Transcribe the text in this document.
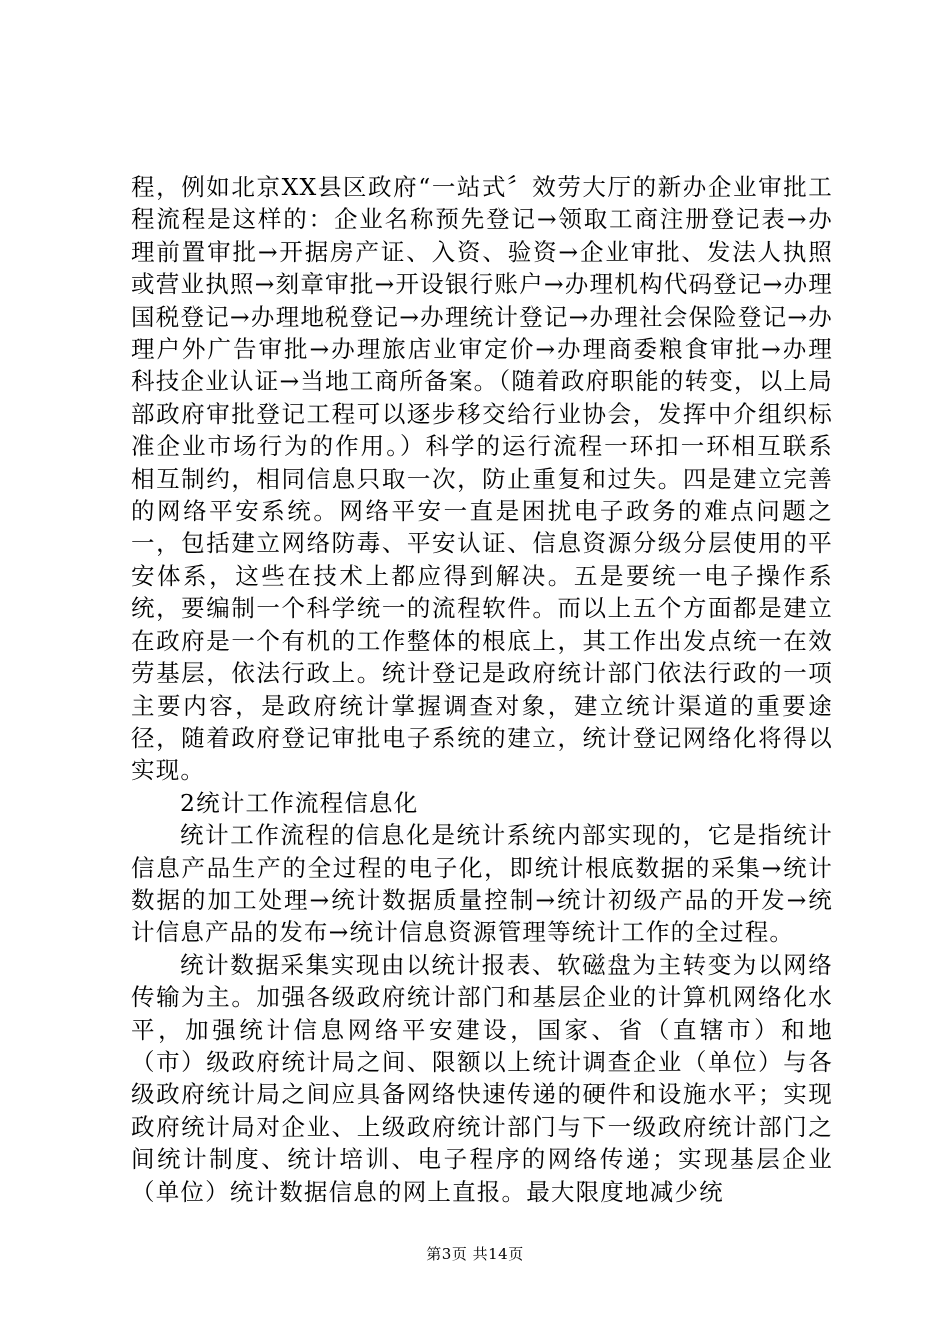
程，例如北京XX县区政府“一站式〞效劳大厅的新办企业审批工程流程是这样的：企业名称预先登记→领取工商注册登记表→办理前置审批→开据房产证、入资、验资→企业审批、发法人执照或营业执照→刻章审批→开设银行账户→办理机构代码登记→办理国税登记→办理地税登记→办理统计登记→办理社会保险登记→办理户外广告审批→办理旅店业审定价→办理商委粮食审批→办理科技企业认证→当地工商所备案。（随着政府职能的转变，以上局部政府审批登记工程可以逐步移交给行业协会，发挥中介组织标准企业市场行为的作用。）科学的运行流程一环扣一环相互联系相互制约，相同信息只取一次，防止重复和过失。四是建立完善的网络平安系统。网络平安一直是困扰电子政务的难点问题之一，包括建立网络防毒、平安认证、信息资源分级分层使用的平安体系，这些在技术上都应得到解决。五是要统一电子操作系统，要编制一个科学统一的流程软件。而以上五个方面都是建立在政府是一个有机的工作整体的根底上，其工作出发点统一在效劳基层，依法行政上。统计登记是政府统计部门依法行政的一项主要内容，是政府统计掌握调查对象，建立统计渠道的重要途径，随着政府登记审批电子系统的建立，统计登记网络化将得以实现。

2统计工作流程信息化

统计工作流程的信息化是统计系统内部实现的，它是指统计信息产品生产的全过程的电子化，即统计根底数据的采集→统计数据的加工处理→统计数据质量控制→统计初级产品的开发→统计信息产品的发布→统计信息资源管理等统计工作的全过程。

统计数据采集实现由以统计报表、软磁盘为主转变为以网络传输为主。加强各级政府统计部门和基层企业的计算机网络化水平，加强统计信息网络平安建设，国家、省（直辖市）和地（市）级政府统计局之间、限额以上统计调查企业（单位）与各级政府统计局之间应具备网络快速传递的硬件和设施水平；实现政府统计局对企业、上级政府统计部门与下一级政府统计部门之间统计制度、统计培训、电子程序的网络传递；实现基层企业（单位）统计数据信息的网上直报。最大限度地减少统

第3页 共14页
